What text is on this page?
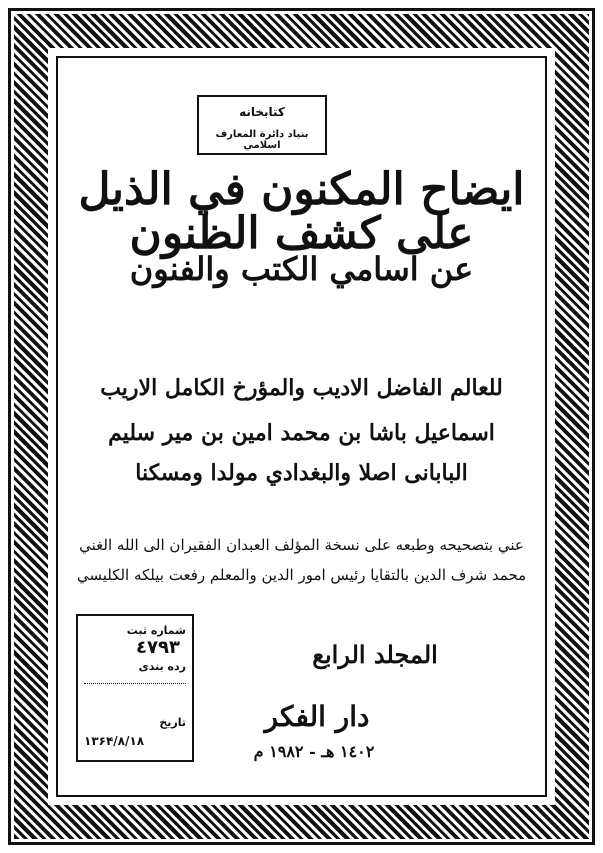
كتابخانه
بنياد دائرة المعارف اسلامي
ايضاح المكنون في الذيل على كشف الظنون
عن اسامي الكتب والفنون
للعالم الفاضل الاديب والمؤرخ الكامل الاريب
اسماعيل باشا بن محمد امين بن مير سليم
البابانى اصلا والبغدادي مولدا ومسكنا
عني بتصحيحه وطبعه على نسخة المؤلف العبدان الفقيران الى الله الغني
محمد شرف الدين بالتقايا رئيس امور الدين والمعلم رفعت بيلكه الكليسي
شماره ثبت ٤٧٩٣
رده بندی
تاريخ
۱۳۶۴/۸/۱۸
المجلد الرابع
دار الفكر
١٤٠٢ هـ - ١٩٨٢ م
